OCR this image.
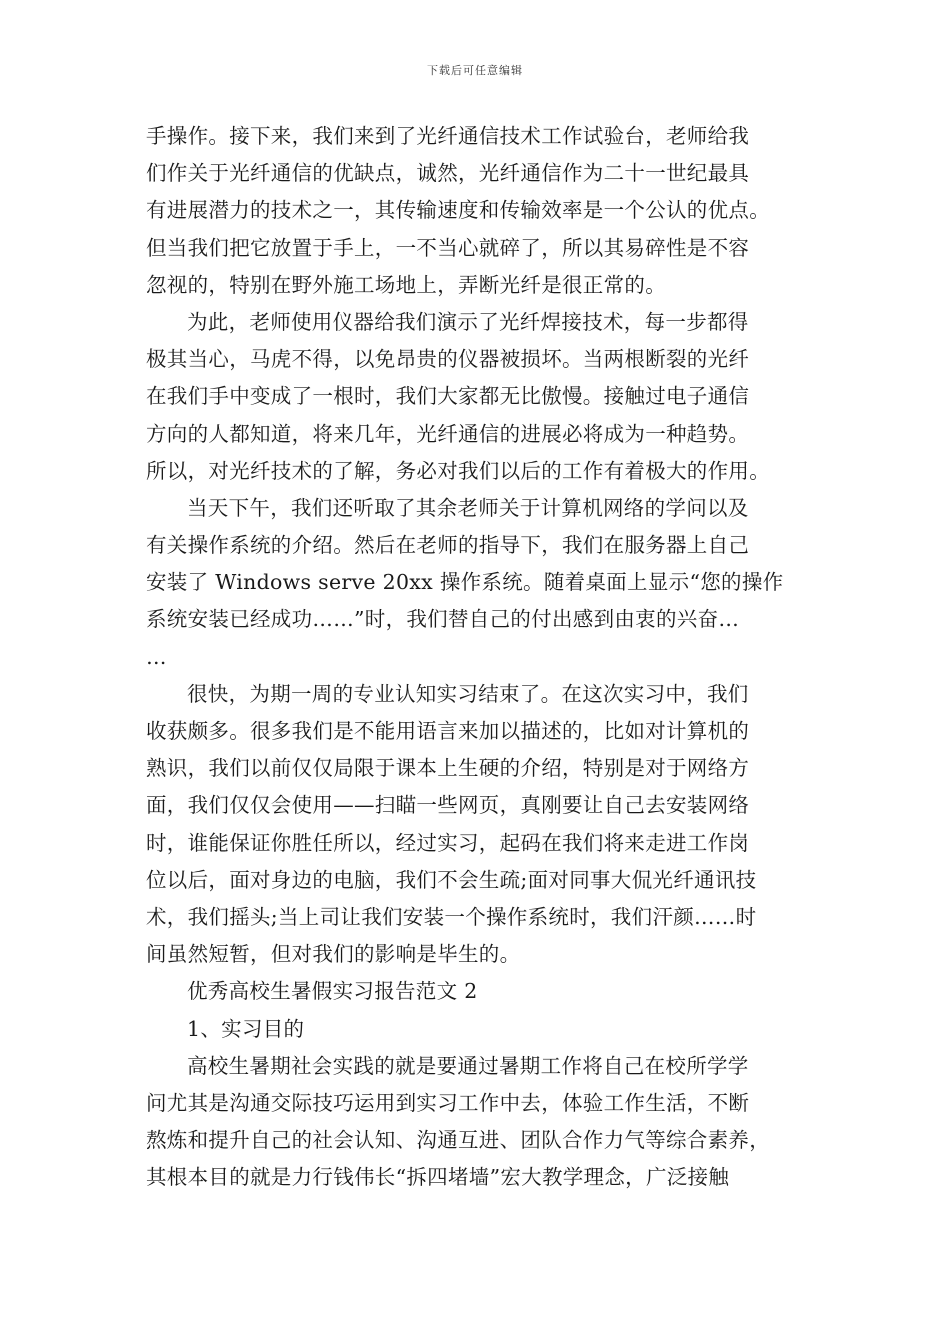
下载后可任意编辑
手操作。接下来，我们来到了光纤通信技术工作试验台，老师给我
们作关于光纤通信的优缺点，诚然，光纤通信作为二十一世纪最具
有进展潜力的技术之一，其传输速度和传输效率是一个公认的优点。
但当我们把它放置于手上，一不当心就碎了，所以其易碎性是不容
忽视的，特别在野外施工场地上，弄断光纤是很正常的。
为此，老师使用仪器给我们演示了光纤焊接技术，每一步都得
极其当心，马虎不得，以免昂贵的仪器被损坏。当两根断裂的光纤
在我们手中变成了一根时，我们大家都无比傲慢。接触过电子通信
方向的人都知道，将来几年，光纤通信的进展必将成为一种趋势。
所以，对光纤技术的了解，务必对我们以后的工作有着极大的作用。
当天下午，我们还听取了其余老师关于计算机网络的学问以及
有关操作系统的介绍。然后在老师的指导下，我们在服务器上自己
安装了 Windows serve 20xx 操作系统。随着桌面上显示“您的操作
系统安装已经成功……”时，我们替自己的付出感到由衷的兴奋…
…
很快，为期一周的专业认知实习结束了。在这次实习中，我们
收获颇多。很多我们是不能用语言来加以描述的，比如对计算机的
熟识，我们以前仅仅局限于课本上生硬的介绍，特别是对于网络方
面，我们仅仅会使用——扫瞄一些网页，真刚要让自己去安装网络
时，谁能保证你胜任所以，经过实习，起码在我们将来走进工作岗
位以后，面对身边的电脑，我们不会生疏;面对同事大侃光纤通讯技
术，我们摇头;当上司让我们安装一个操作系统时，我们汗颜……时
间虽然短暂，但对我们的影响是毕生的。
优秀高校生暑假实习报告范文 2
1、实习目的
高校生暑期社会实践的就是要通过暑期工作将自己在校所学学
问尤其是沟通交际技巧运用到实习工作中去，体验工作生活，不断
熬炼和提升自己的社会认知、沟通互进、团队合作力气等综合素养，
其根本目的就是力行钱伟长“拆四堵墙”宏大教学理念，广泛接触
